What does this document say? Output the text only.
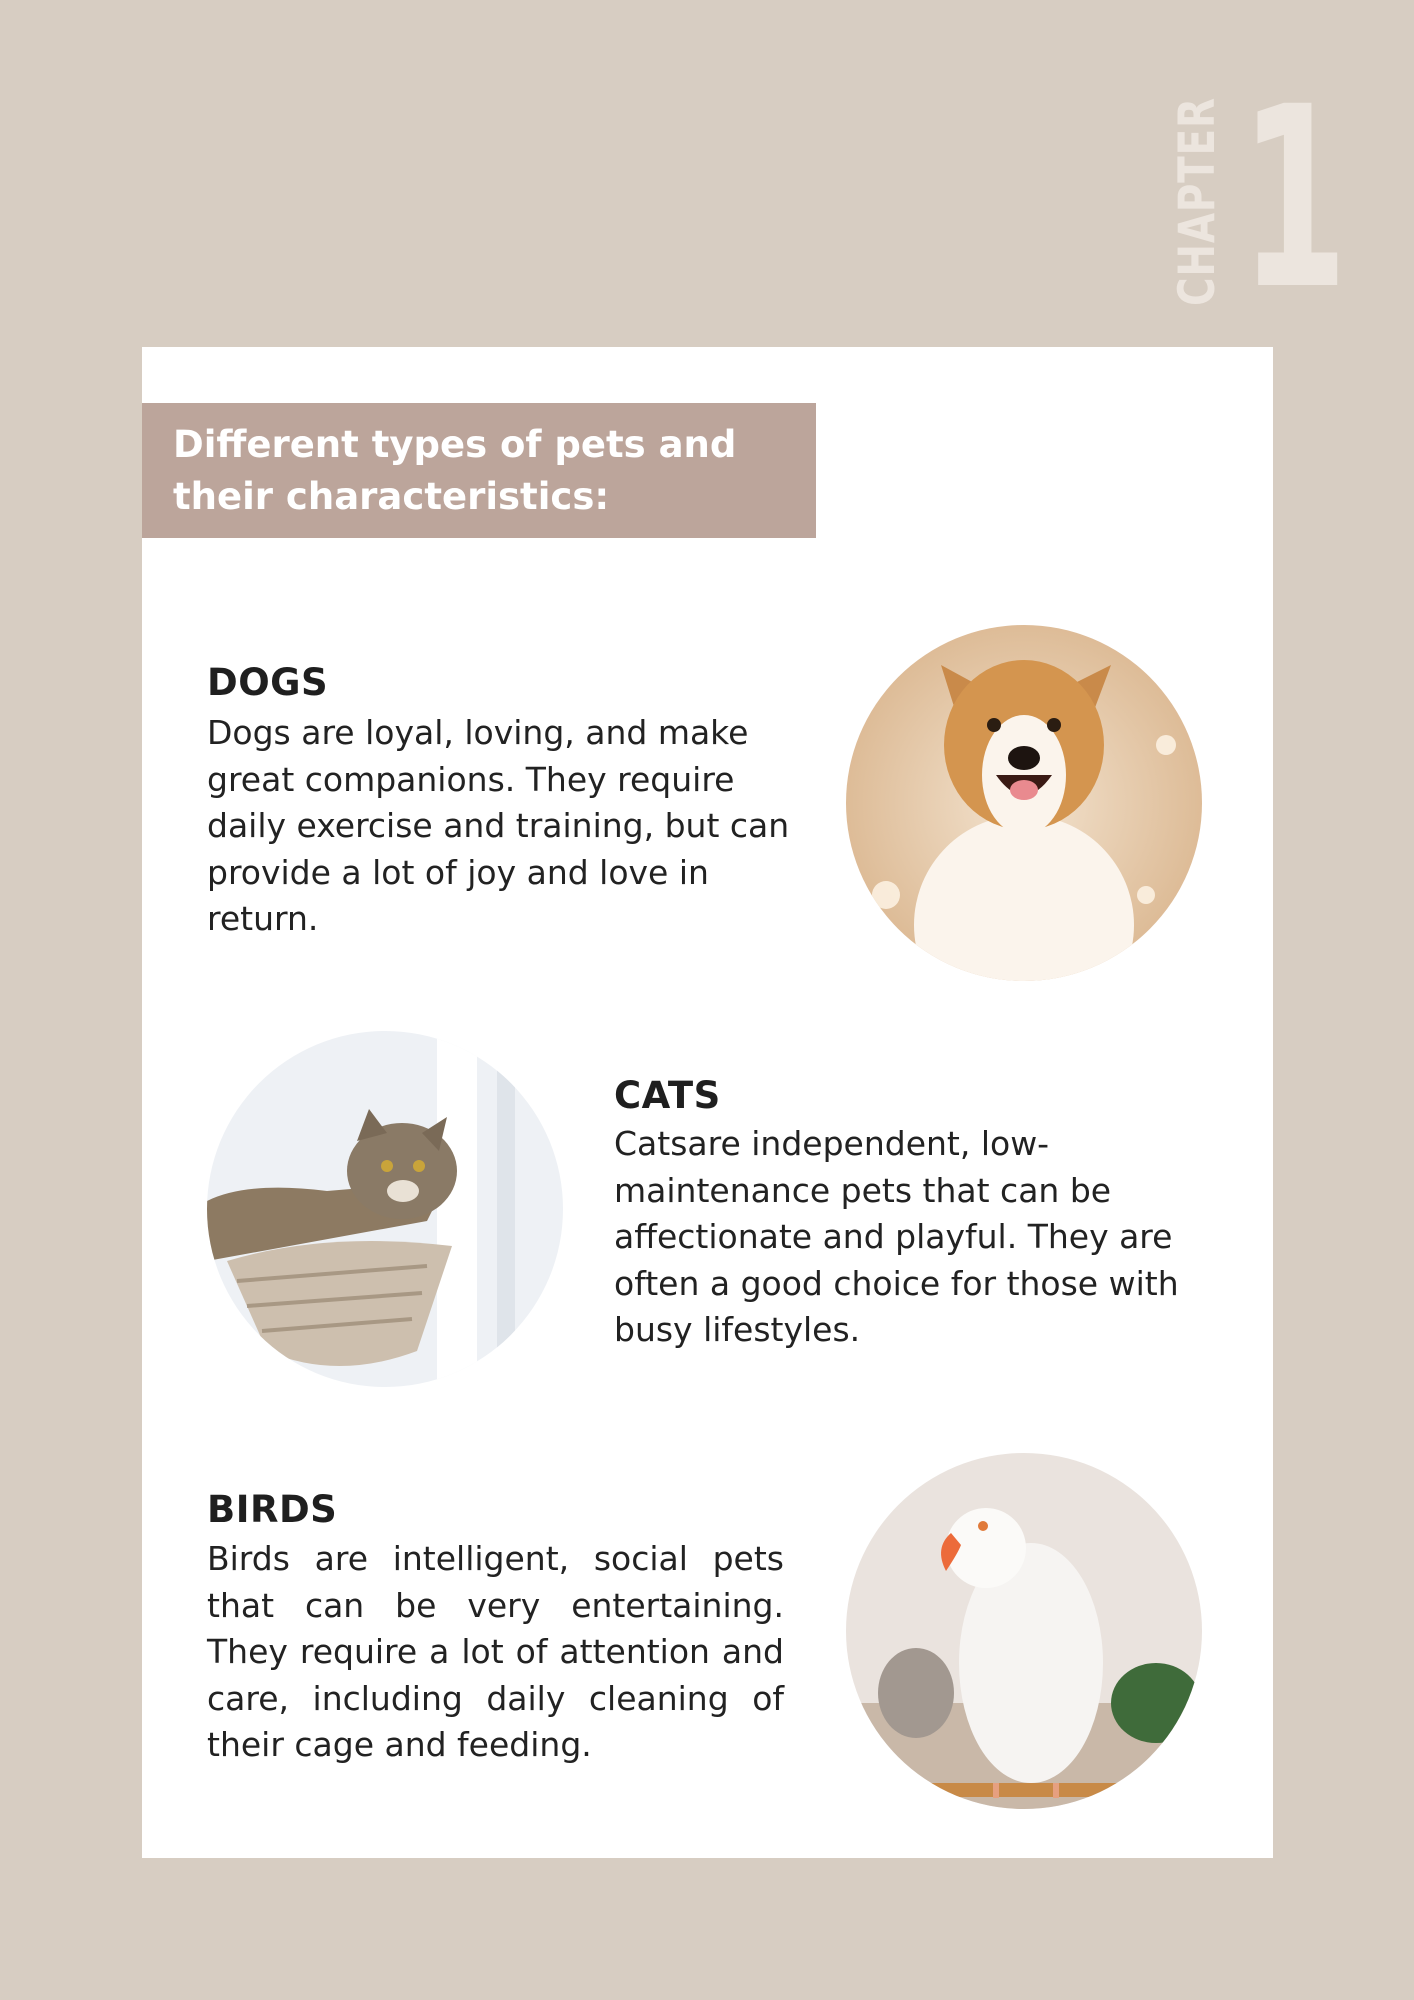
CHAPTER 1
Different types of pets and their characteristics:
DOGS
Dogs are loyal, loving, and make great companions. They require daily exercise and training, but can provide a lot of joy and love in return.
CATS
Catsare independent, low-maintenance pets that can be affectionate and playful. They are often a good choice for those with busy lifestyles.
BIRDS
Birds are intelligent, social pets that can be very entertaining. They require a lot of attention and care, including daily cleaning of their cage and feeding.
